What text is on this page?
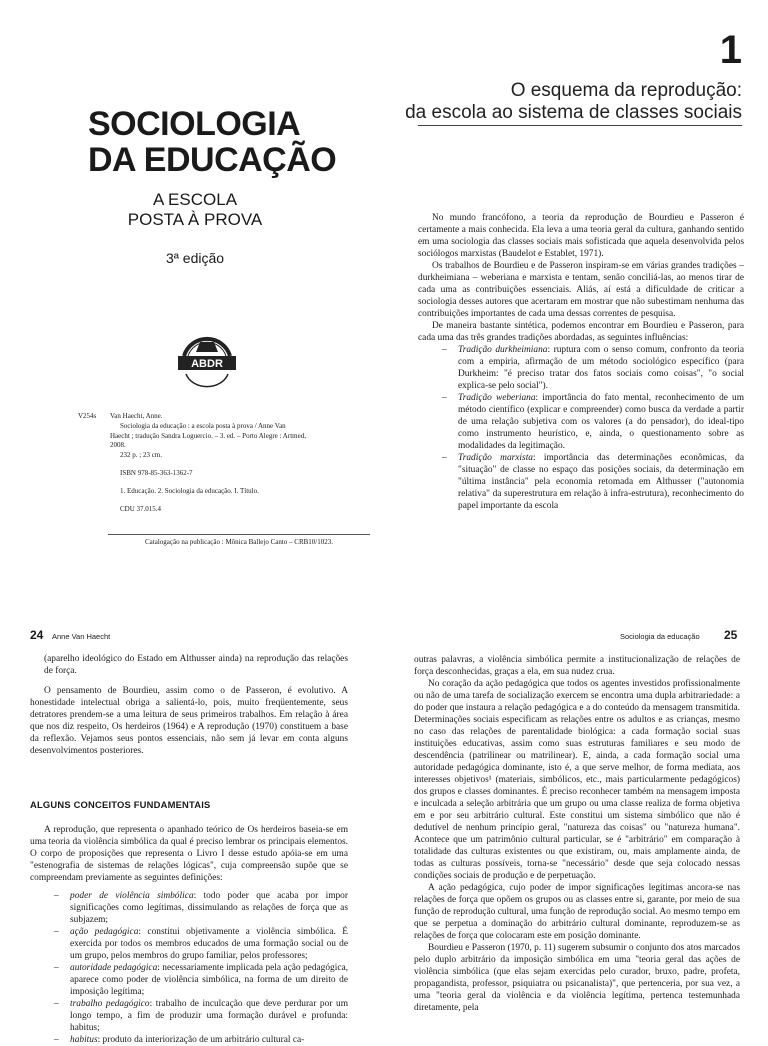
1
O esquema da reprodução:
da escola ao sistema de classes sociais
SOCIOLOGIA
DA EDUCAÇÃO
A ESCOLA
POSTA À PROVA
3ª edição
ABDR
V254s Van Haecht, Anne.
Sociologia da educação : a escola posta à prova / Anne Van
Haecht ; tradução Sandra Loguercio. – 3. ed. – Porto Alegre : Artmed,
2008.
232 p. ; 23 cm.
ISBN 978-85-363-1362-7
1. Educação. 2. Sociologia da educação. I. Título.
CDU 37.015.4
Catalogação na publicação : Mônica Ballejo Canto – CRB10/1023.

No mundo francófono, a teoria da reprodução de Bourdieu e Passeron é certamente a mais conhecida. Ela leva a uma teoria geral da cultura, ganhando sentido em uma sociologia das classes sociais mais sofisticada que aquela desenvolvida pelos sociólogos marxistas (Baudelot e Establet, 1971).

Os trabalhos de Bourdieu e de Passeron inspiram-se em várias grandes tradições – durkheimiana – weberiana e marxista e tentam, senão conciliá-las, ao menos tirar de cada uma as contribuições essenciais. Aliás, aí está a dificuldade de criticar a sociologia desses autores que acertaram em mostrar que não subestimam nenhuma das contribuições importantes de cada uma dessas correntes de pesquisa.

De maneira bastante sintética, podemos encontrar em Bourdieu e Passeron, para cada uma das três grandes tradições abordadas, as seguintes influências:

– Tradição durkheimiana: ruptura com o senso comum, confronto da teoria com a empiria, afirmação de um método sociológico específico (para Durkheim: "é preciso tratar dos fatos sociais como coisas", "o social explica-se pelo social").
– Tradição weberiana: importância do fato mental, reconhecimento de um método científico (explicar e compreender) como busca da verdade a partir de uma relação subjetiva com os valores (a do pensador), do ideal-tipo como instrumento heurístico, e, ainda, o questionamento sobre as modalidades da legitimação.
– Tradição marxista: importância das determinações econômicas, da "situação" de classe no espaço das posições sociais, da determinação em "última instância" pela economia retomada em Althusser ("autonomia relativa" da superestrutura em relação à infra-estrutura), reconhecimento do papel importante da escola
24 Anne Van Haecht	Sociologia da educação 25

(aparelho ideológico do Estado em Althusser ainda) na reprodução das relações de força.

O pensamento de Bourdieu, assim como o de Passeron, é evolutivo. A honestidade intelectual obriga a salientá-lo, pois, muito freqüentemente, seus detratores prendem-se a uma leitura de seus primeiros trabalhos. Em relação à área que nos diz respeito, Os herdeiros (1964) e A reprodução (1970) constituem a base da reflexão. Vejamos seus pontos essenciais, não sem já levar em conta alguns desenvolvimentos posteriores.

ALGUNS CONCEITOS FUNDAMENTAIS

A reprodução, que representa o apanhado teórico de Os herdeiros baseia-se em uma teoria da violência simbólica da qual é preciso lembrar os principais elementos. O corpo de proposições que representa o Livro I desse estudo apóia-se em uma "estenografia de sistemas de relações lógicas", cuja compreensão supõe que se compreendam previamente as seguintes definições:

– poder de violência simbólica: todo poder que acaba por impor significações como legítimas, dissimulando as relações de força que as subjazem;
– ação pedagógica: constitui objetivamente a violência simbólica. É exercida por todos os membros educados de uma formação social ou de um grupo, pelos membros do grupo familiar, pelos professores;
– autoridade pedagógica: necessariamente implicada pela ação pedagógica, aparece como poder de violência simbólica, na forma de um direito de imposição legítima;
– trabalho pedagógico: trabalho de inculcação que deve perdurar por um longo tempo, a fim de produzir uma formação durável e profunda: habitus;
– habitus: produto da interiorização de um arbitrário cultural ca-

outras palavras, a violência simbólica permite a institucionalização de relações de força desconhecidas, graças a ela, em sua nudez crua.

No coração da ação pedagógica que todos os agentes investidos profissionalmente ou não de uma tarefa de socialização exercem se encontra uma dupla arbitrariedade: a do poder que instaura a relação pedagógica e a do conteúdo da mensagem transmitida. Determinações sociais especificam as relações entre os adultos e as crianças, mesmo no caso das relações de parentalidade biológica: a cada formação social suas instituições educativas, assim como suas estruturas familiares e seu modo de descendência (patrilinear ou matrilinear). E, ainda, a cada formação social uma autoridade pedagógica dominante, isto é, a que serve melhor, de forma mediata, aos interesses objetivos¹ (materiais, simbólicos, etc., mais particularmente pedagógicos) dos grupos e classes dominantes. É preciso reconhecer também na mensagem imposta e inculcada a seleção arbitrária que um grupo ou uma classe realiza de forma objetiva em e por seu arbitrário cultural. Este constitui um sistema simbólico que não é dedutível de nenhum princípio geral, "natureza das coisas" ou "natureza humana". Acontece que um patrimônio cultural particular, se é "arbitrário" em comparação à totalidade das culturas existentes ou que existiram, ou, mais amplamente ainda, de todas as culturas possíveis, torna-se "necessário" desde que seja colocado nessas condições sociais de produção e de perpetuação.

A ação pedagógica, cujo poder de impor significações legítimas ancora-se nas relações de força que opõem os grupos ou as classes entre si, garante, por meio de sua função de reprodução cultural, uma função de reprodução social. Ao mesmo tempo em que se perpetua a dominação do arbitrário cultural dominante, reproduzem-se as relações de força que colocaram este em posição dominante.

Bourdieu e Passeron (1970, p. 11) sugerem subsumir o conjunto dos atos marcados pelo duplo arbitrário da imposição simbólica em uma "teoria geral das ações de violência simbólica (que elas sejam exercidas pelo curador, bruxo, padre, profeta, propagandista, professor, psiquiatra ou psicanalista)", que pertenceria, por sua vez, a uma "teoria geral da violência e da violência legítima, pertenca testemunhada diretamente, pela
